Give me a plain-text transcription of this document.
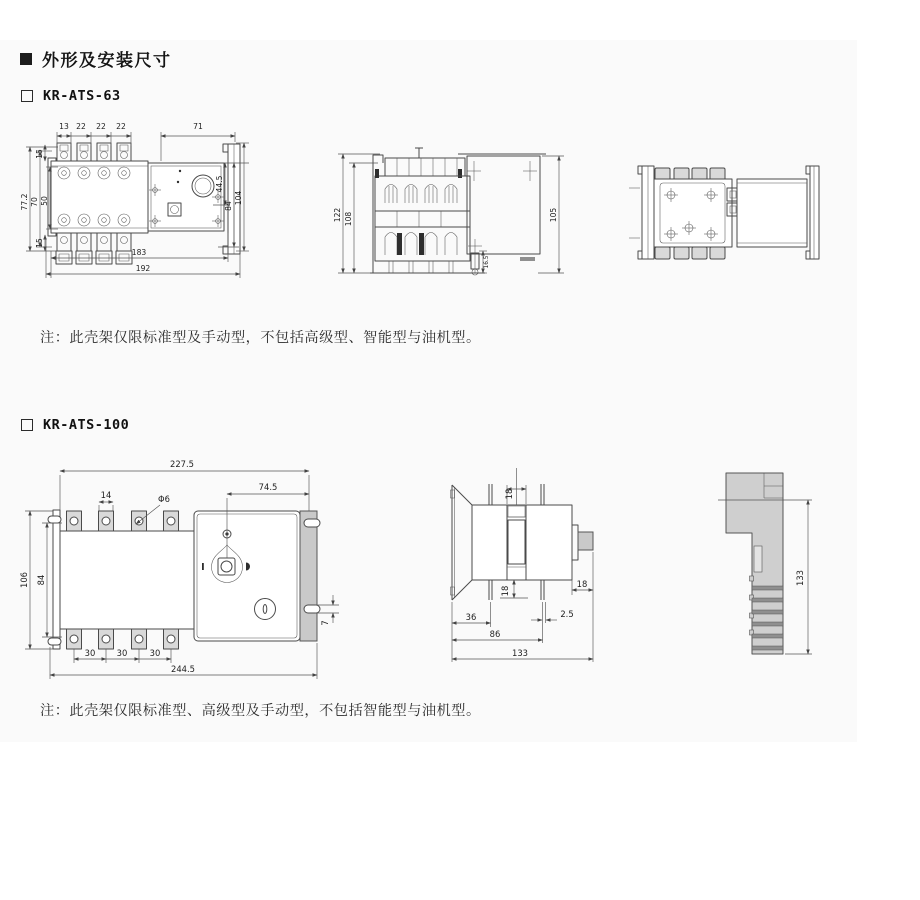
外形及安装尺寸
KR-ATS-63
13 22 22 22	71
77.2 70 50
15
15
44.5
84
104
183
192
122 108	105
16.5
注：此壳架仅限标准型及手动型，不包括高级型、智能型与油机型。
KR-ATS-100
227.5
74.5
14	Φ6
106 84
30	30	30
244.5
7
18
18
18
36	2.5
86
133
133
注：此壳架仅限标准型、高级型及手动型，不包括智能型与油机型。
